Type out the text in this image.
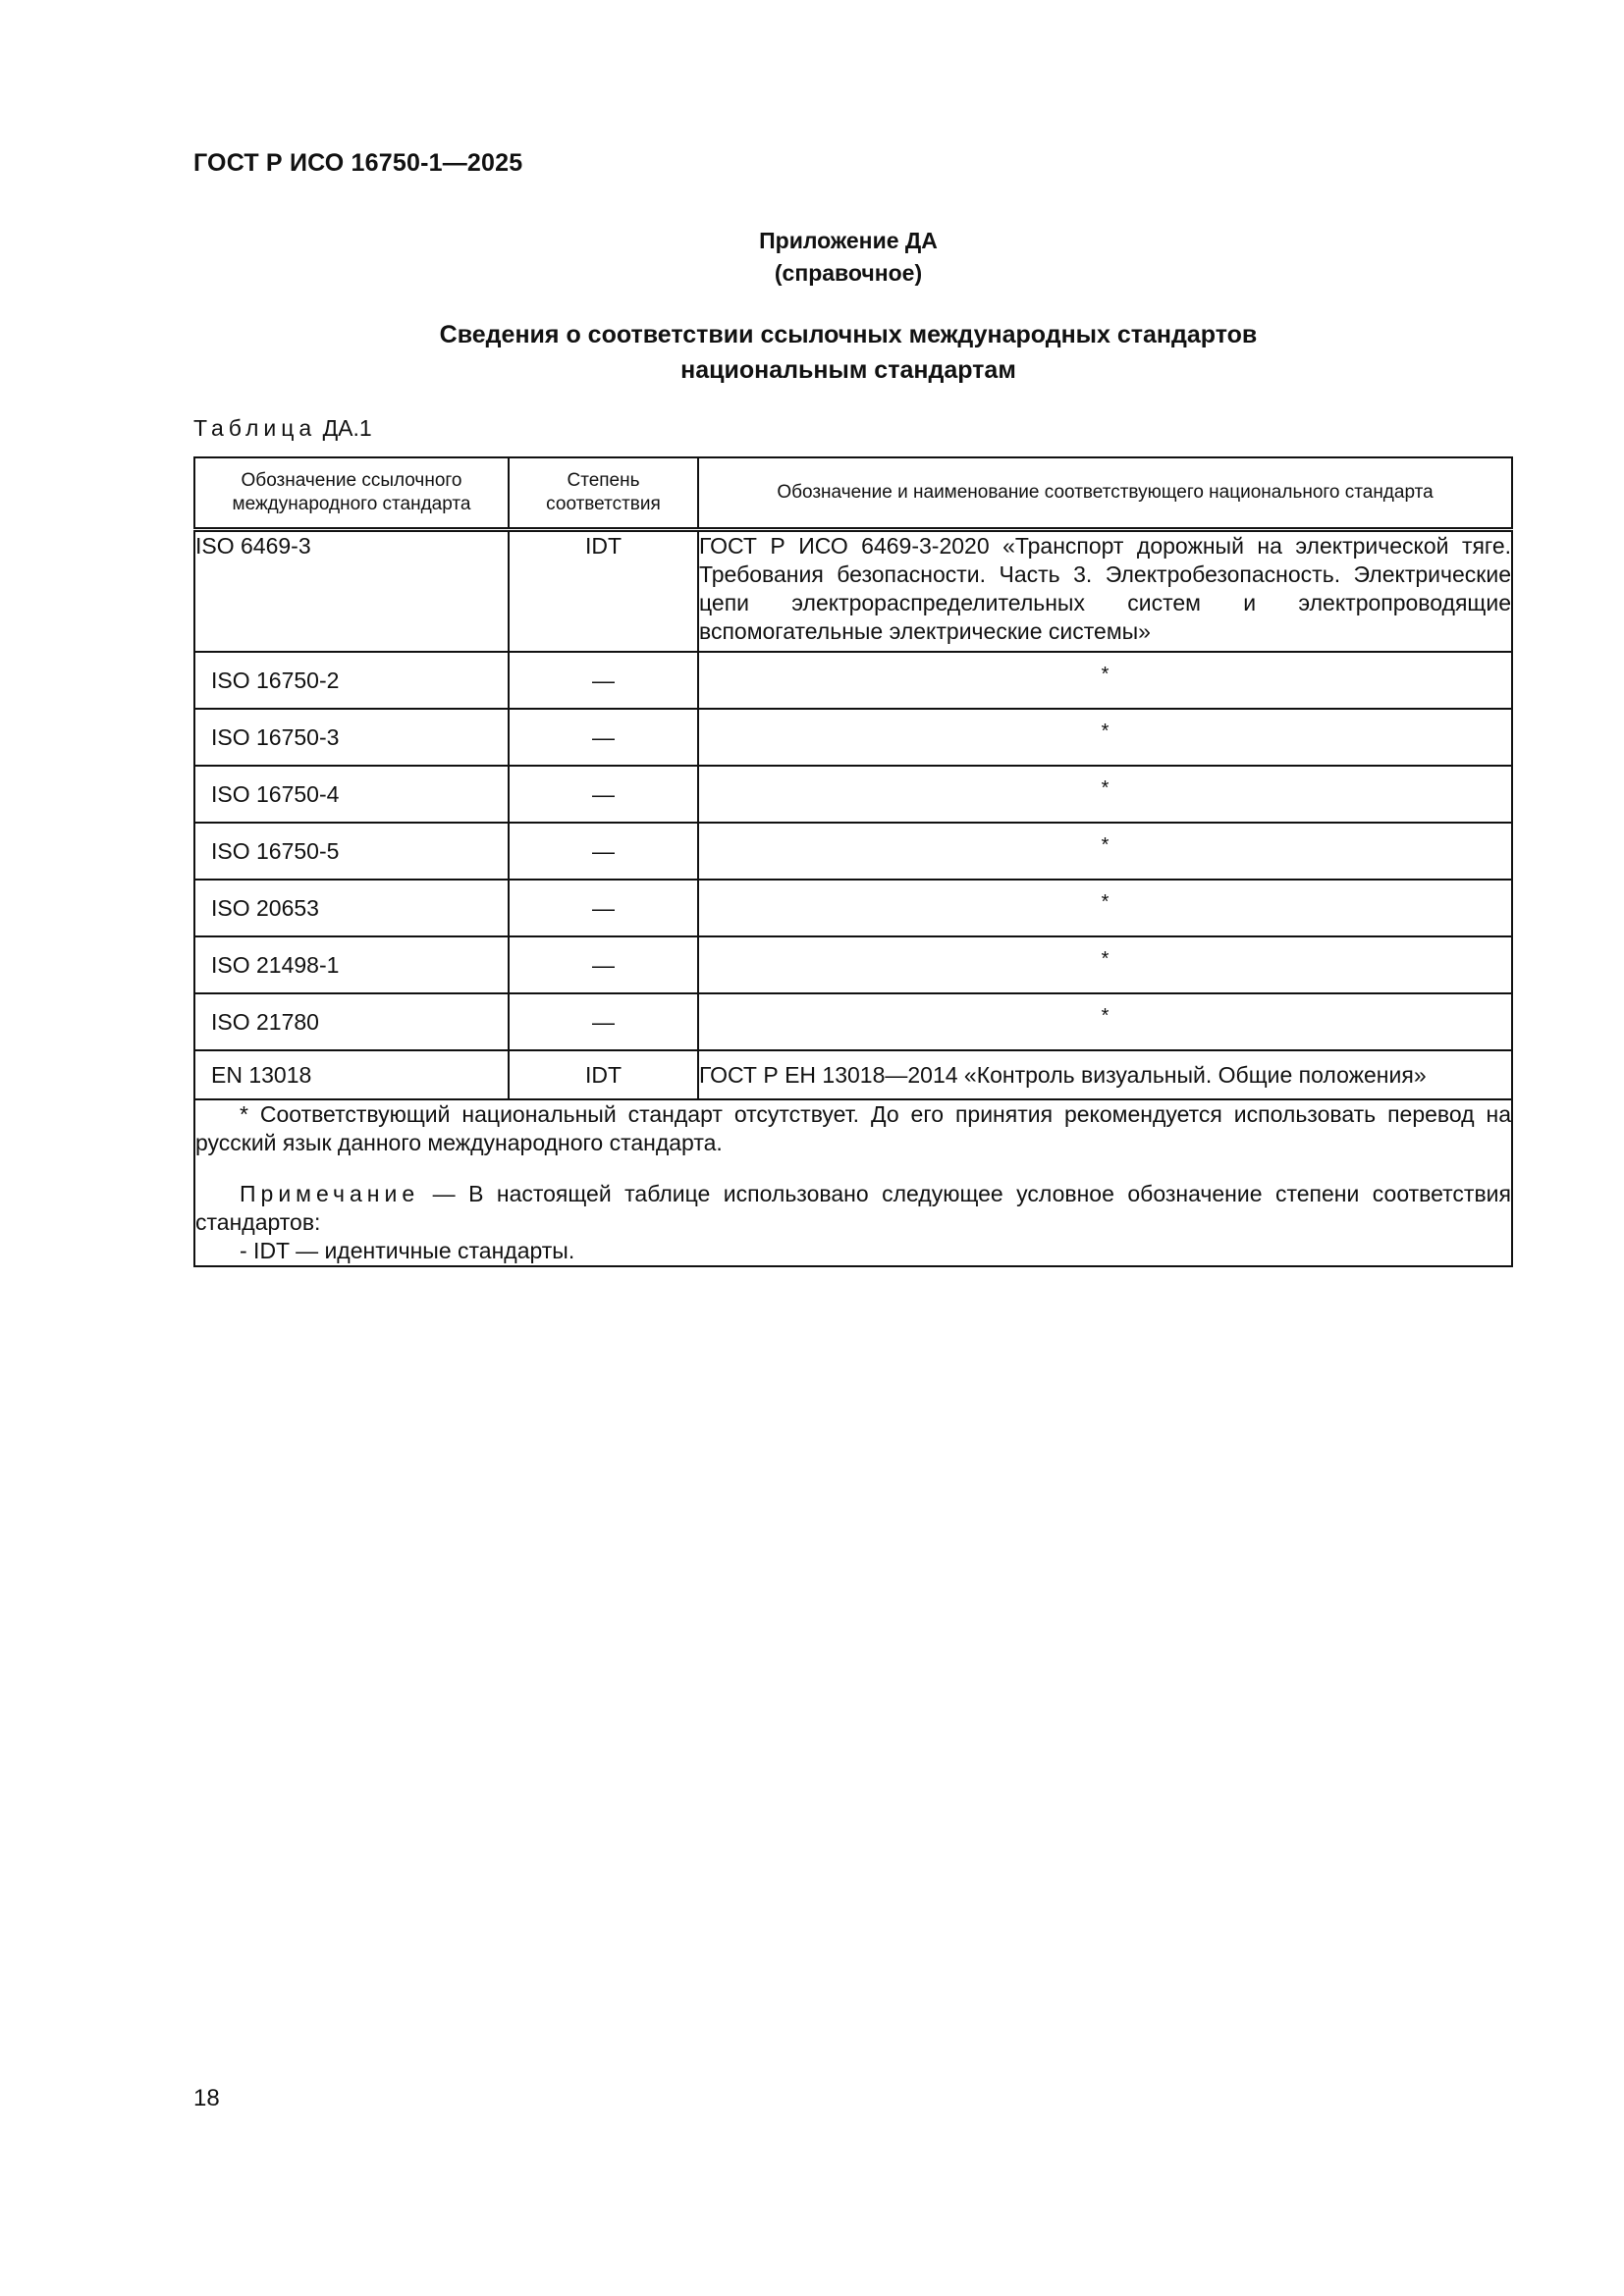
ГОСТ Р ИСО 16750-1—2025
Приложение ДА
(справочное)
Сведения о соответствии ссылочных международных стандартов
национальным стандартам
Таблица ДА.1
Обозначение ссылочного международного стандарта	Степень соответствия	Обозначение и наименование соответствующего национального стандарта
ISO 6469-3	IDT	ГОСТ Р ИСО 6469-3-2020 «Транспорт дорожный на электрической тяге. Требования безопасности. Часть 3. Электробезопасность. Электрические цепи электрораспределительных систем и электропроводящие вспомогательные электрические системы»
ISO 16750-2	—	*
ISO 16750-3	—	*
ISO 16750-4	—	*
ISO 16750-5	—	*
ISO 20653	—	*
ISO 21498-1	—	*
ISO 21780	—	*
EN 13018	IDT	ГОСТ Р ЕН 13018—2014 «Контроль визуальный. Общие положения»

* Соответствующий национальный стандарт отсутствует. До его принятия рекомендуется использовать перевод на русский язык данного международного стандарта.

Примечание — В настоящей таблице использовано следующее условное обозначение степени соответствия стандартов:

- IDT — идентичные стандарты.		

18
